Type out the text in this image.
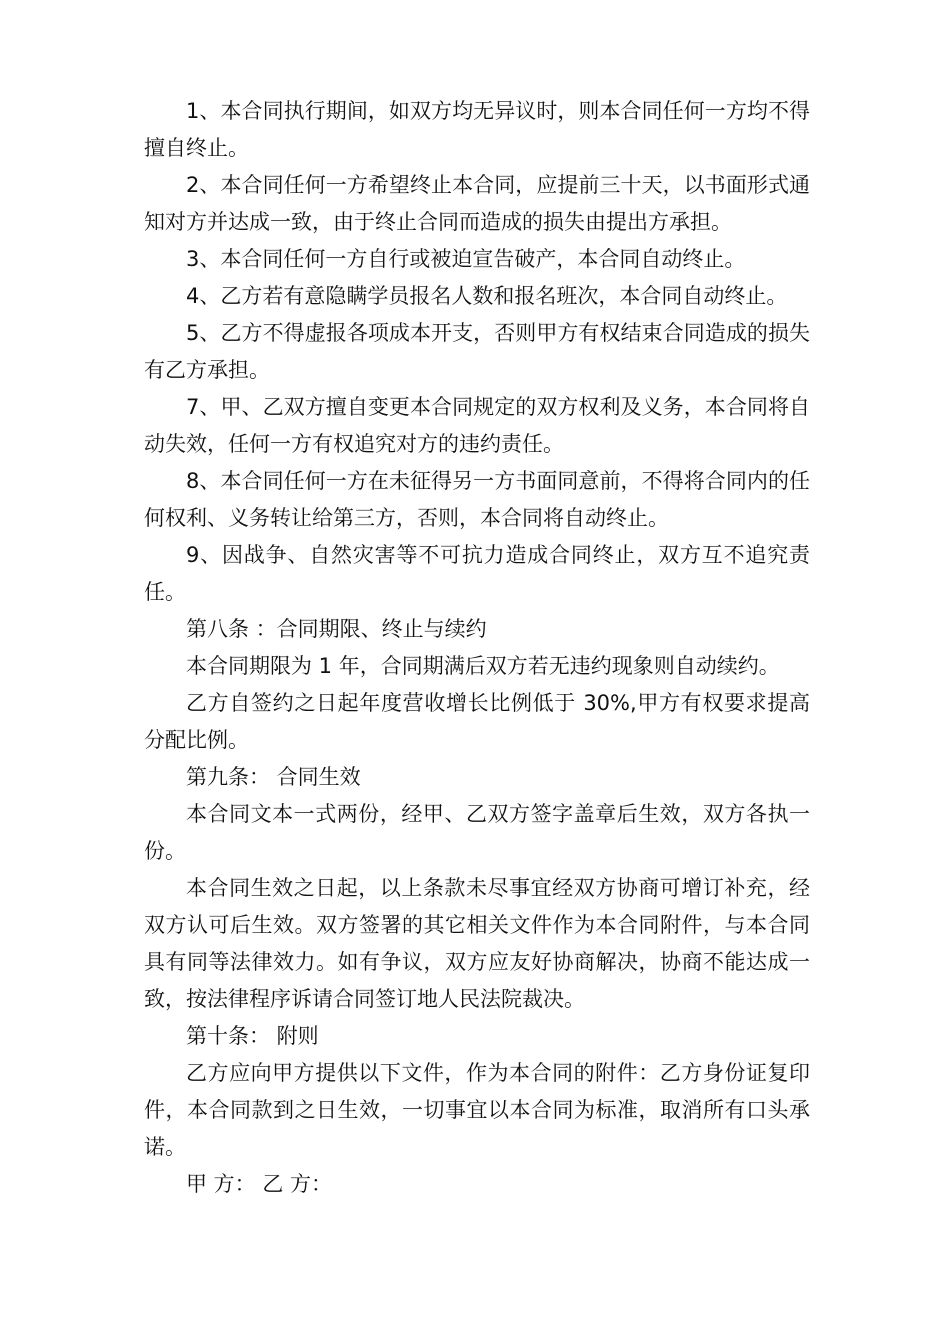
1、本合同执行期间，如双方均无异议时，则本合同任何一方均不得擅自终止。

2、本合同任何一方希望终止本合同，应提前三十天，以书面形式通知对方并达成一致，由于终止合同而造成的损失由提出方承担。

3、本合同任何一方自行或被迫宣告破产，本合同自动终止。

4、乙方若有意隐瞒学员报名人数和报名班次，本合同自动终止。

5、乙方不得虚报各项成本开支，否则甲方有权结束合同造成的损失有乙方承担。

7、甲、乙双方擅自变更本合同规定的双方权利及义务，本合同将自动失效，任何一方有权追究对方的违约责任。

8、本合同任何一方在未征得另一方书面同意前，不得将合同内的任何权利、义务转让给第三方，否则，本合同将自动终止。

9、因战争、自然灾害等不可抗力造成合同终止，双方互不追究责任。

第八条 ：合同期限、终止与续约

本合同期限为 1 年，合同期满后双方若无违约现象则自动续约。

乙方自签约之日起年度营收增长比例低于 30%,甲方有权要求提高分配比例。

第九条： 合同生效

本合同文本一式两份，经甲、乙双方签字盖章后生效，双方各执一份。

本合同生效之日起，以上条款未尽事宜经双方协商可增订补充，经双方认可后生效。双方签署的其它相关文件作为本合同附件，与本合同具有同等法律效力。如有争议，双方应友好协商解决，协商不能达成一致，按法律程序诉请合同签订地人民法院裁决。

第十条： 附则

乙方应向甲方提供以下文件，作为本合同的附件：乙方身份证复印件，本合同款到之日生效，一切事宜以本合同为标准，取消所有口头承诺。

甲 方： 乙 方：
